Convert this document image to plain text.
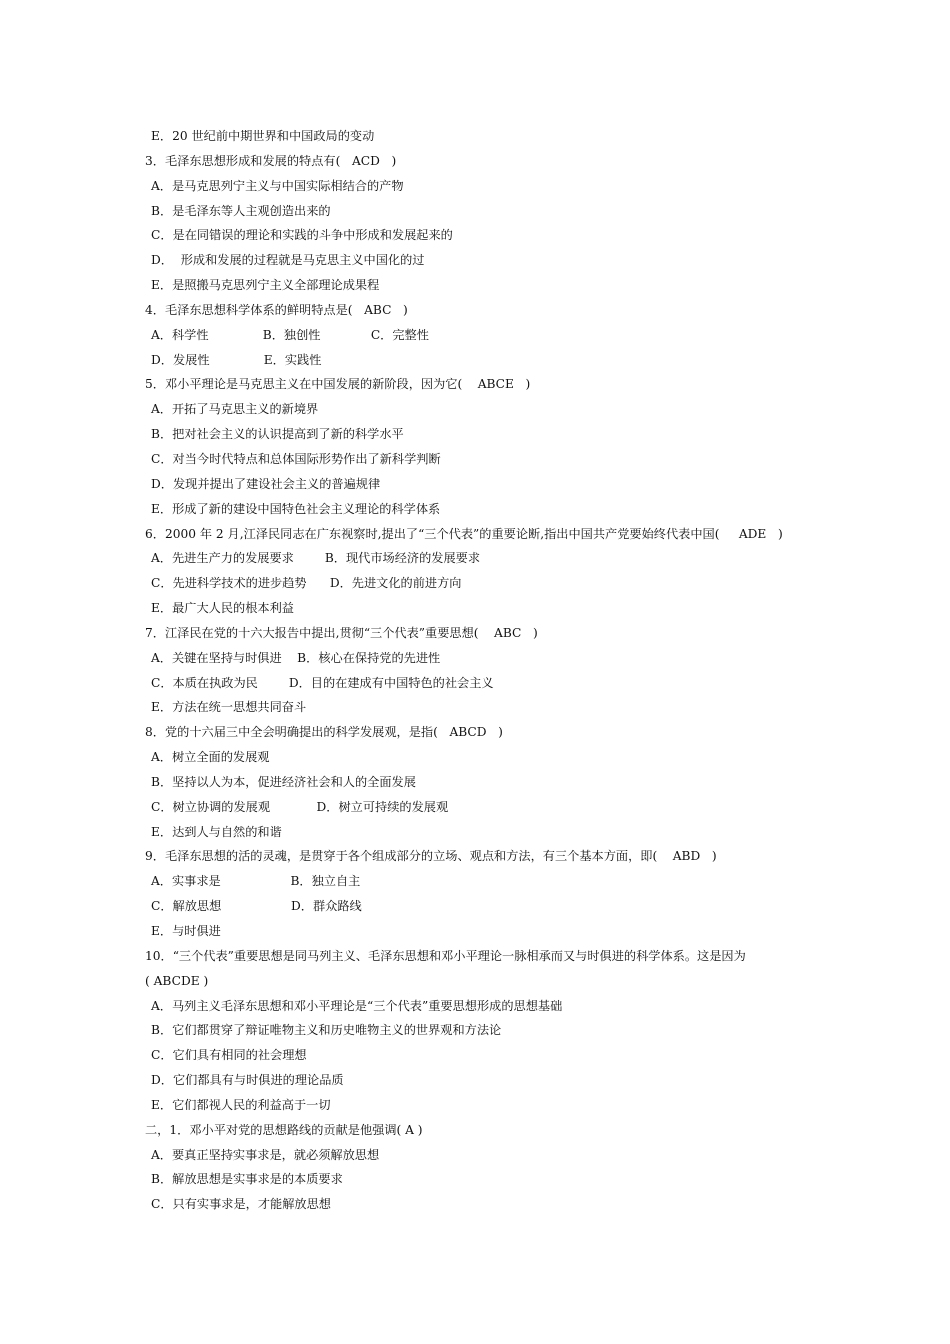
E．20 世纪前中期世界和中国政局的变动
3．毛泽东思想形成和发展的特点有(   ACD   )
A．是马克思列宁主义与中国实际相结合的产物
B．是毛泽东等人主观创造出来的
C．是在同错误的理论和实践的斗争中形成和发展起来的
D．  形成和发展的过程就是马克思主义中国化的过
E．是照搬马克思列宁主义全部理论成果程
4．毛泽东思想科学体系的鲜明特点是(   ABC   )
A．科学性              B．独创性             C．完整性
D．发展性              E．实践性
5．邓小平理论是马克思主义在中国发展的新阶段，因为它(    ABCE   )
A．开拓了马克思主义的新境界
B．把对社会主义的认识提高到了新的科学水平
C．对当今时代特点和总体国际形势作出了新科学判断
D．发现并提出了建设社会主义的普遍规律
E．形成了新的建设中国特色社会主义理论的科学体系
6．2000 年 2 月,江泽民同志在广东视察时,提出了“三个代表”的重要论断,指出中国共产党要始终代表中国(     ADE   )
A．先进生产力的发展要求        B．现代市场经济的发展要求
C．先进科学技术的进步趋势      D．先进文化的前进方向
E．最广大人民的根本利益
7．江泽民在党的十六大报告中提出,贯彻“三个代表”重要思想(    ABC   )
A．关键在坚持与时俱进    B．核心在保持党的先进性
C．本质在执政为民        D．目的在建成有中国特色的社会主义
E．方法在统一思想共同奋斗
8．党的十六届三中全会明确提出的科学发展观，是指(   ABCD   )
A．树立全面的发展观
B．坚持以人为本，促进经济社会和人的全面发展
C．树立协调的发展观            D．树立可持续的发展观
E．达到人与自然的和谐
9．毛泽东思想的活的灵魂，是贯穿于各个组成部分的立场、观点和方法，有三个基本方面，即(    ABD   )
A．实事求是                  B．独立自主
C．解放思想                  D．群众路线
E．与时俱进
10．“三个代表”重要思想是同马列主义、毛泽东思想和邓小平理论一脉相承而又与时俱进的科学体系。这是因为
( ABCDE )
A．马列主义毛泽东思想和邓小平理论是“三个代表”重要思想形成的思想基础
B．它们都贯穿了辩证唯物主义和历史唯物主义的世界观和方法论
C．它们具有相同的社会理想
D．它们都具有与时俱进的理论品质
E．它们都视人民的利益高于一切
二，1．邓小平对党的思想路线的贡献是他强调( A )
A．要真正坚持实事求是，就必须解放思想
B．解放思想是实事求是的本质要求
C．只有实事求是，才能解放思想
